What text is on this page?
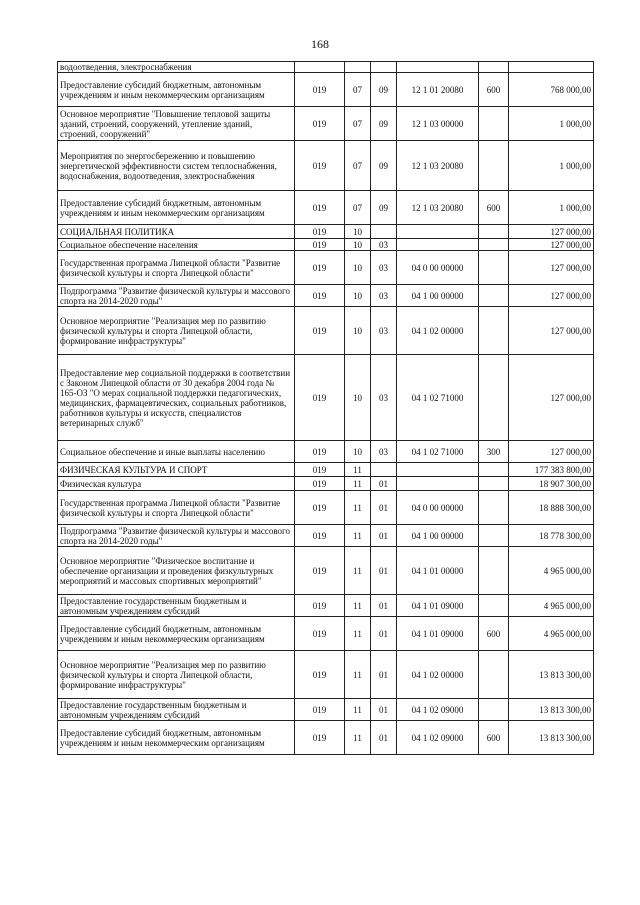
168
водоотведения, электроснабжения						
Предоставление субсидий бюджетным, автономным учреждениям и иным некоммерческим организациям	019	07	09	12 1 01 20080	600	768 000,00
Основное мероприятие "Повышение тепловой защиты зданий, строений, сооружений, утепление зданий, строений, сооружений"	019	07	09	12 1 03 00000		1 000,00
Мероприятия по энергосбережению и повышению энергетической эффективности систем теплоснабжения, водоснабжения, водоотведения, электроснабжения	019	07	09	12 1 03 20080		1 000,00
Предоставление субсидий бюджетным, автономным учреждениям и иным некоммерческим организациям	019	07	09	12 1 03 20080	600	1 000,00
СОЦИАЛЬНАЯ ПОЛИТИКА	019	10				127 000,00
Социальное обеспечение населения	019	10	03			127 000,00
Государственная программа Липецкой области "Развитие физической культуры и спорта Липецкой области"	019	10	03	04 0 00 00000		127 000,00
Подпрограмма "Развитие физической культуры и массового спорта на 2014-2020 годы"	019	10	03	04 1 00 00000		127 000,00
Основное мероприятие "Реализация мер по развитию физической культуры и спорта Липецкой области, формирование инфраструктуры"	019	10	03	04 1 02 00000		127 000,00
Предоставление мер социальной поддержки в соответствии с Законом Липецкой области от 30 декабря 2004 года № 165-ОЗ "О мерах социальной поддержки педагогических, медицинских, фармацевтических, социальных работников, работников культуры и искусств, специалистов ветеринарных служб"	019	10	03	04 1 02 71000		127 000,00
Социальное обеспечение и иные выплаты населению	019	10	03	04 1 02 71000	300	127 000,00
ФИЗИЧЕСКАЯ КУЛЬТУРА И СПОРТ	019	11				177 383 800,00
Физическая культура	019	11	01			18 907 300,00
Государственная программа Липецкой области "Развитие физической культуры и спорта Липецкой области"	019	11	01	04 0 00 00000		18 888 300,00
Подпрограмма "Развитие физической культуры и массового спорта на 2014-2020 годы"	019	11	01	04 1 00 00000		18 778 300,00
Основное мероприятие "Физическое воспитание и обеспечение организации и проведения физкультурных мероприятий и массовых спортивных мероприятий"	019	11	01	04 1 01 00000		4 965 000,00
Предоставление государственным бюджетным и автономным учреждениям субсидий	019	11	01	04 1 01 09000		4 965 000,00
Предоставление субсидий бюджетным, автономным учреждениям и иным некоммерческим организациям	019	11	01	04 1 01 09000	600	4 965 000,00
Основное мероприятие "Реализация мер по развитию физической культуры и спорта Липецкой области, формирование инфраструктуры"	019	11	01	04 1 02 00000		13 813 300,00
Предоставление государственным бюджетным и автономным учреждениям субсидий	019	11	01	04 1 02 09000		13 813 300,00
Предоставление субсидий бюджетным, автономным учреждениям и иным некоммерческим организациям	019	11	01	04 1 02 09000	600	13 813 300,00
